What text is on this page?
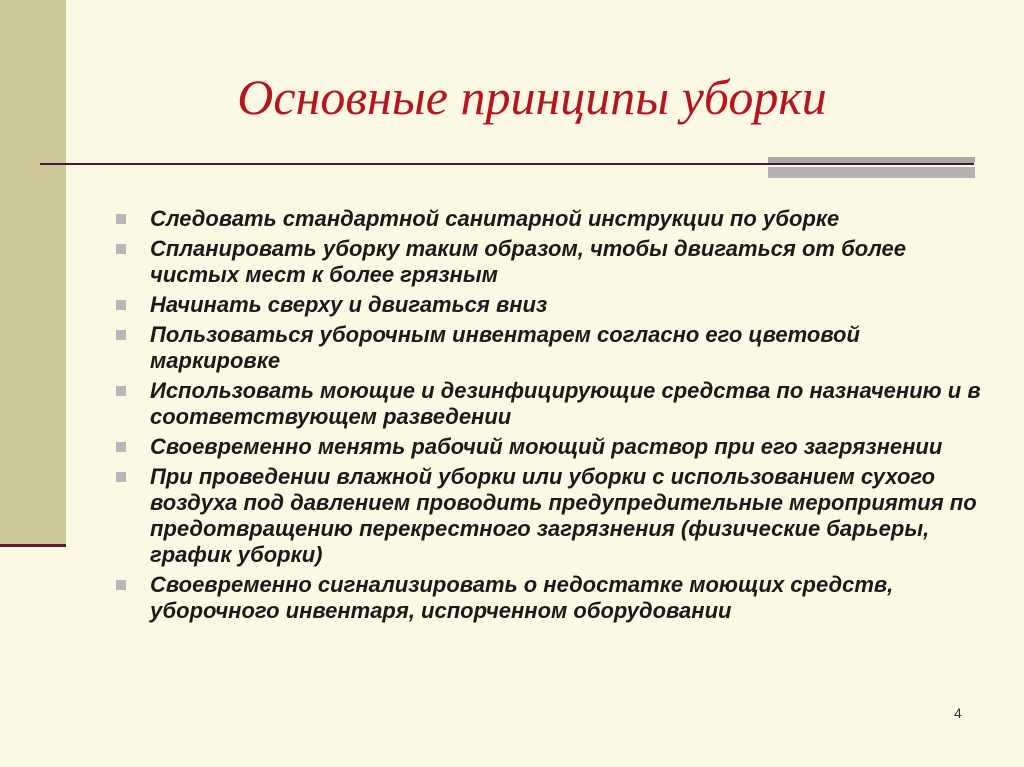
Основные принципы уборки
Следовать стандартной санитарной инструкции по уборке
Спланировать уборку таким образом, чтобы двигаться от более чистых мест к более грязным
Начинать сверху и двигаться вниз
Пользоваться уборочным инвентарем согласно его цветовой маркировке
Использовать моющие и дезинфицирующие средства по назначению и в соответствующем разведении
Своевременно менять рабочий моющий раствор при его загрязнении
При проведении влажной уборки или уборки с использованием сухого воздуха под давлением проводить предупредительные мероприятия по предотвращению перекрестного загрязнения (физические барьеры, график уборки)
Своевременно сигнализировать о недостатке моющих средств, уборочного инвентаря, испорченном оборудовании
4
